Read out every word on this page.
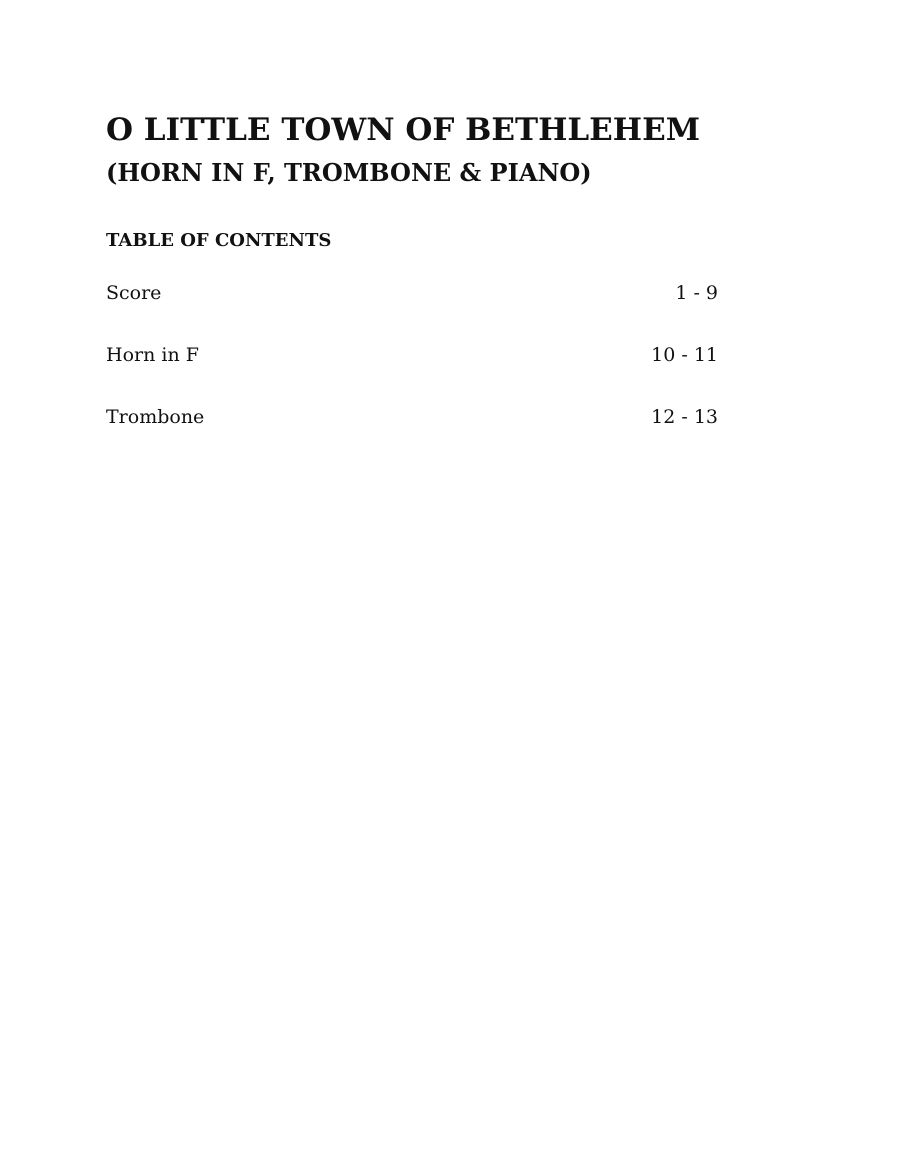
O LITTLE TOWN OF BETHLEHEM
(HORN IN F, TROMBONE & PIANO)
TABLE OF CONTENTS
Score	1 - 9
Horn in F	10 - 11
Trombone	12 - 13
